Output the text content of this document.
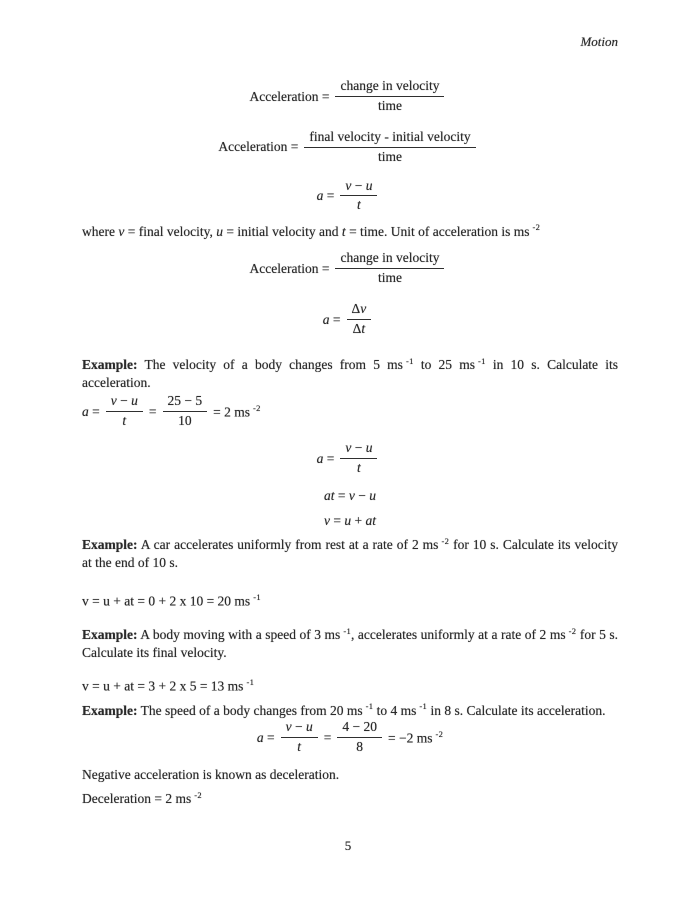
Motion
Acceleration = $\frac{\text{change in velocity}}{\text{time}}$
Acceleration = $\frac{\text{final velocity - initial velocity}}{\text{time}}$
$a = \frac{v - u}{t}$
where v = final velocity, u = initial velocity and t = time. Unit of acceleration is ms $^{-2}$
Acceleration = $\frac{\text{change in velocity}}{\text{time}}$
$a = \frac{\Delta v}{\Delta t}$
Example: The velocity of a body changes from 5 ms $^{-1}$ to 25 ms $^{-1}$ in 10 s. Calculate its acceleration.
$a = \frac{v - u}{t} = \frac{25 - 5}{10} = 2$ ms $^{-2}$
$a = \frac{v - u}{t}$
at = v − u
v = u + at
Example: A car accelerates uniformly from rest at a rate of 2 ms $^{-2}$ for 10 s. Calculate its velocity at the end of 10 s.
v = u + at = 0 + 2 x 10 = 20 ms $^{-1}$
Example: A body moving with a speed of 3 ms $^{-1}$, accelerates uniformly at a rate of 2 ms $^{-2}$ for 5 s. Calculate its final velocity.
v = u + at = 3 + 2 x 5 = 13 ms $^{-1}$
Example: The speed of a body changes from 20 ms $^{-1}$ to 4 ms $^{-1}$ in 8 s. Calculate its acceleration.
$a = \frac{v - u}{t} = \frac{4 - 20}{8} = -2$ ms $^{-2}$
Negative acceleration is known as deceleration.
Deceleration = 2 ms $^{-2}$
5
